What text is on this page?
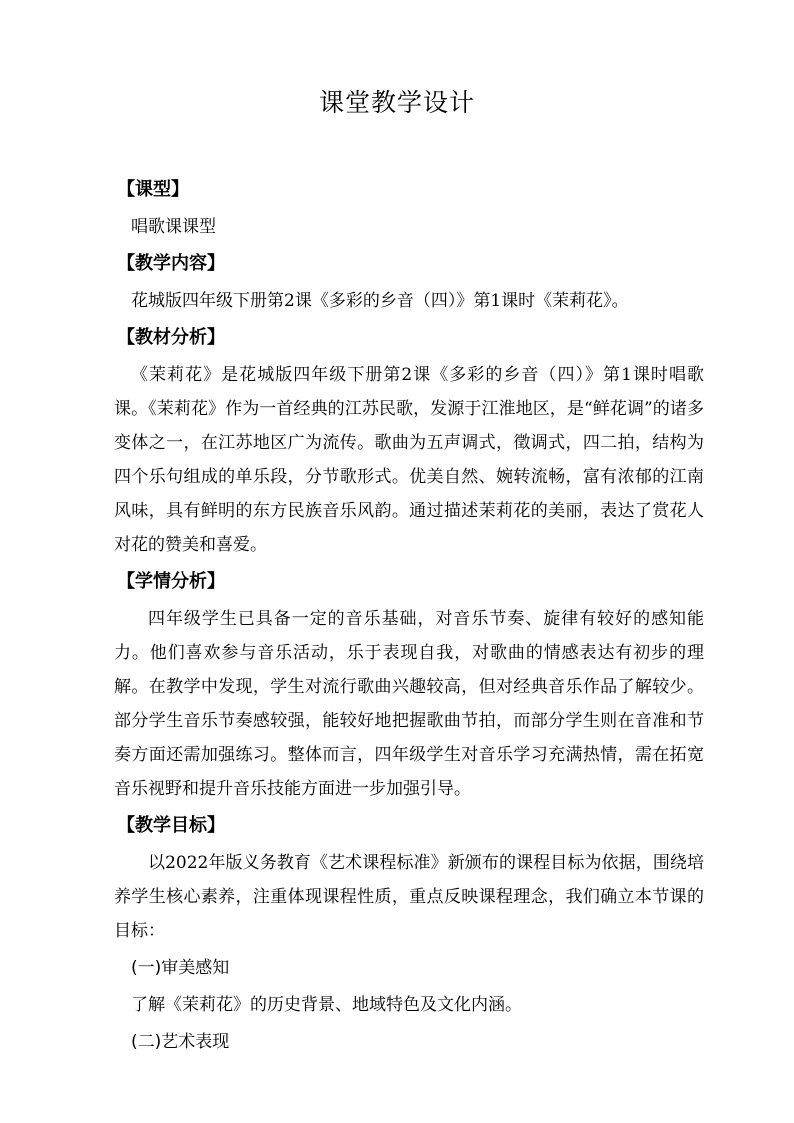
课堂教学设计
【课型】

唱歌课课型

【教学内容】

花城版四年级下册第2课《多彩的乡音（四）》第1课时《茉莉花》。

【教材分析】

《茉莉花》是花城版四年级下册第2课《多彩的乡音（四）》第1课时唱歌课。《茉莉花》作为一首经典的江苏民歌，发源于江淮地区，是“鲜花调”的诸多变体之一，在江苏地区广为流传。歌曲为五声调式，徵调式，四二拍，结构为四个乐句组成的单乐段，分节歌形式。优美自然、婉转流畅，富有浓郁的江南风味，具有鲜明的东方民族音乐风韵。通过描述茉莉花的美丽，表达了赏花人对花的赞美和喜爱。

【学情分析】

四年级学生已具备一定的音乐基础，对音乐节奏、旋律有较好的感知能力。他们喜欢参与音乐活动，乐于表现自我，对歌曲的情感表达有初步的理解。在教学中发现，学生对流行歌曲兴趣较高，但对经典音乐作品了解较少。部分学生音乐节奏感较强，能较好地把握歌曲节拍，而部分学生则在音准和节奏方面还需加强练习。整体而言，四年级学生对音乐学习充满热情，需在拓宽音乐视野和提升音乐技能方面进一步加强引导。

【教学目标】

以2022年版义务教育《艺术课程标准》新颁布的课程目标为依据，围绕培养学生核心素养，注重体现课程性质，重点反映课程理念，我们确立本节课的目标：

(一)审美感知

了解《茉莉花》的历史背景、地域特色及文化内涵。

(二)艺术表现
